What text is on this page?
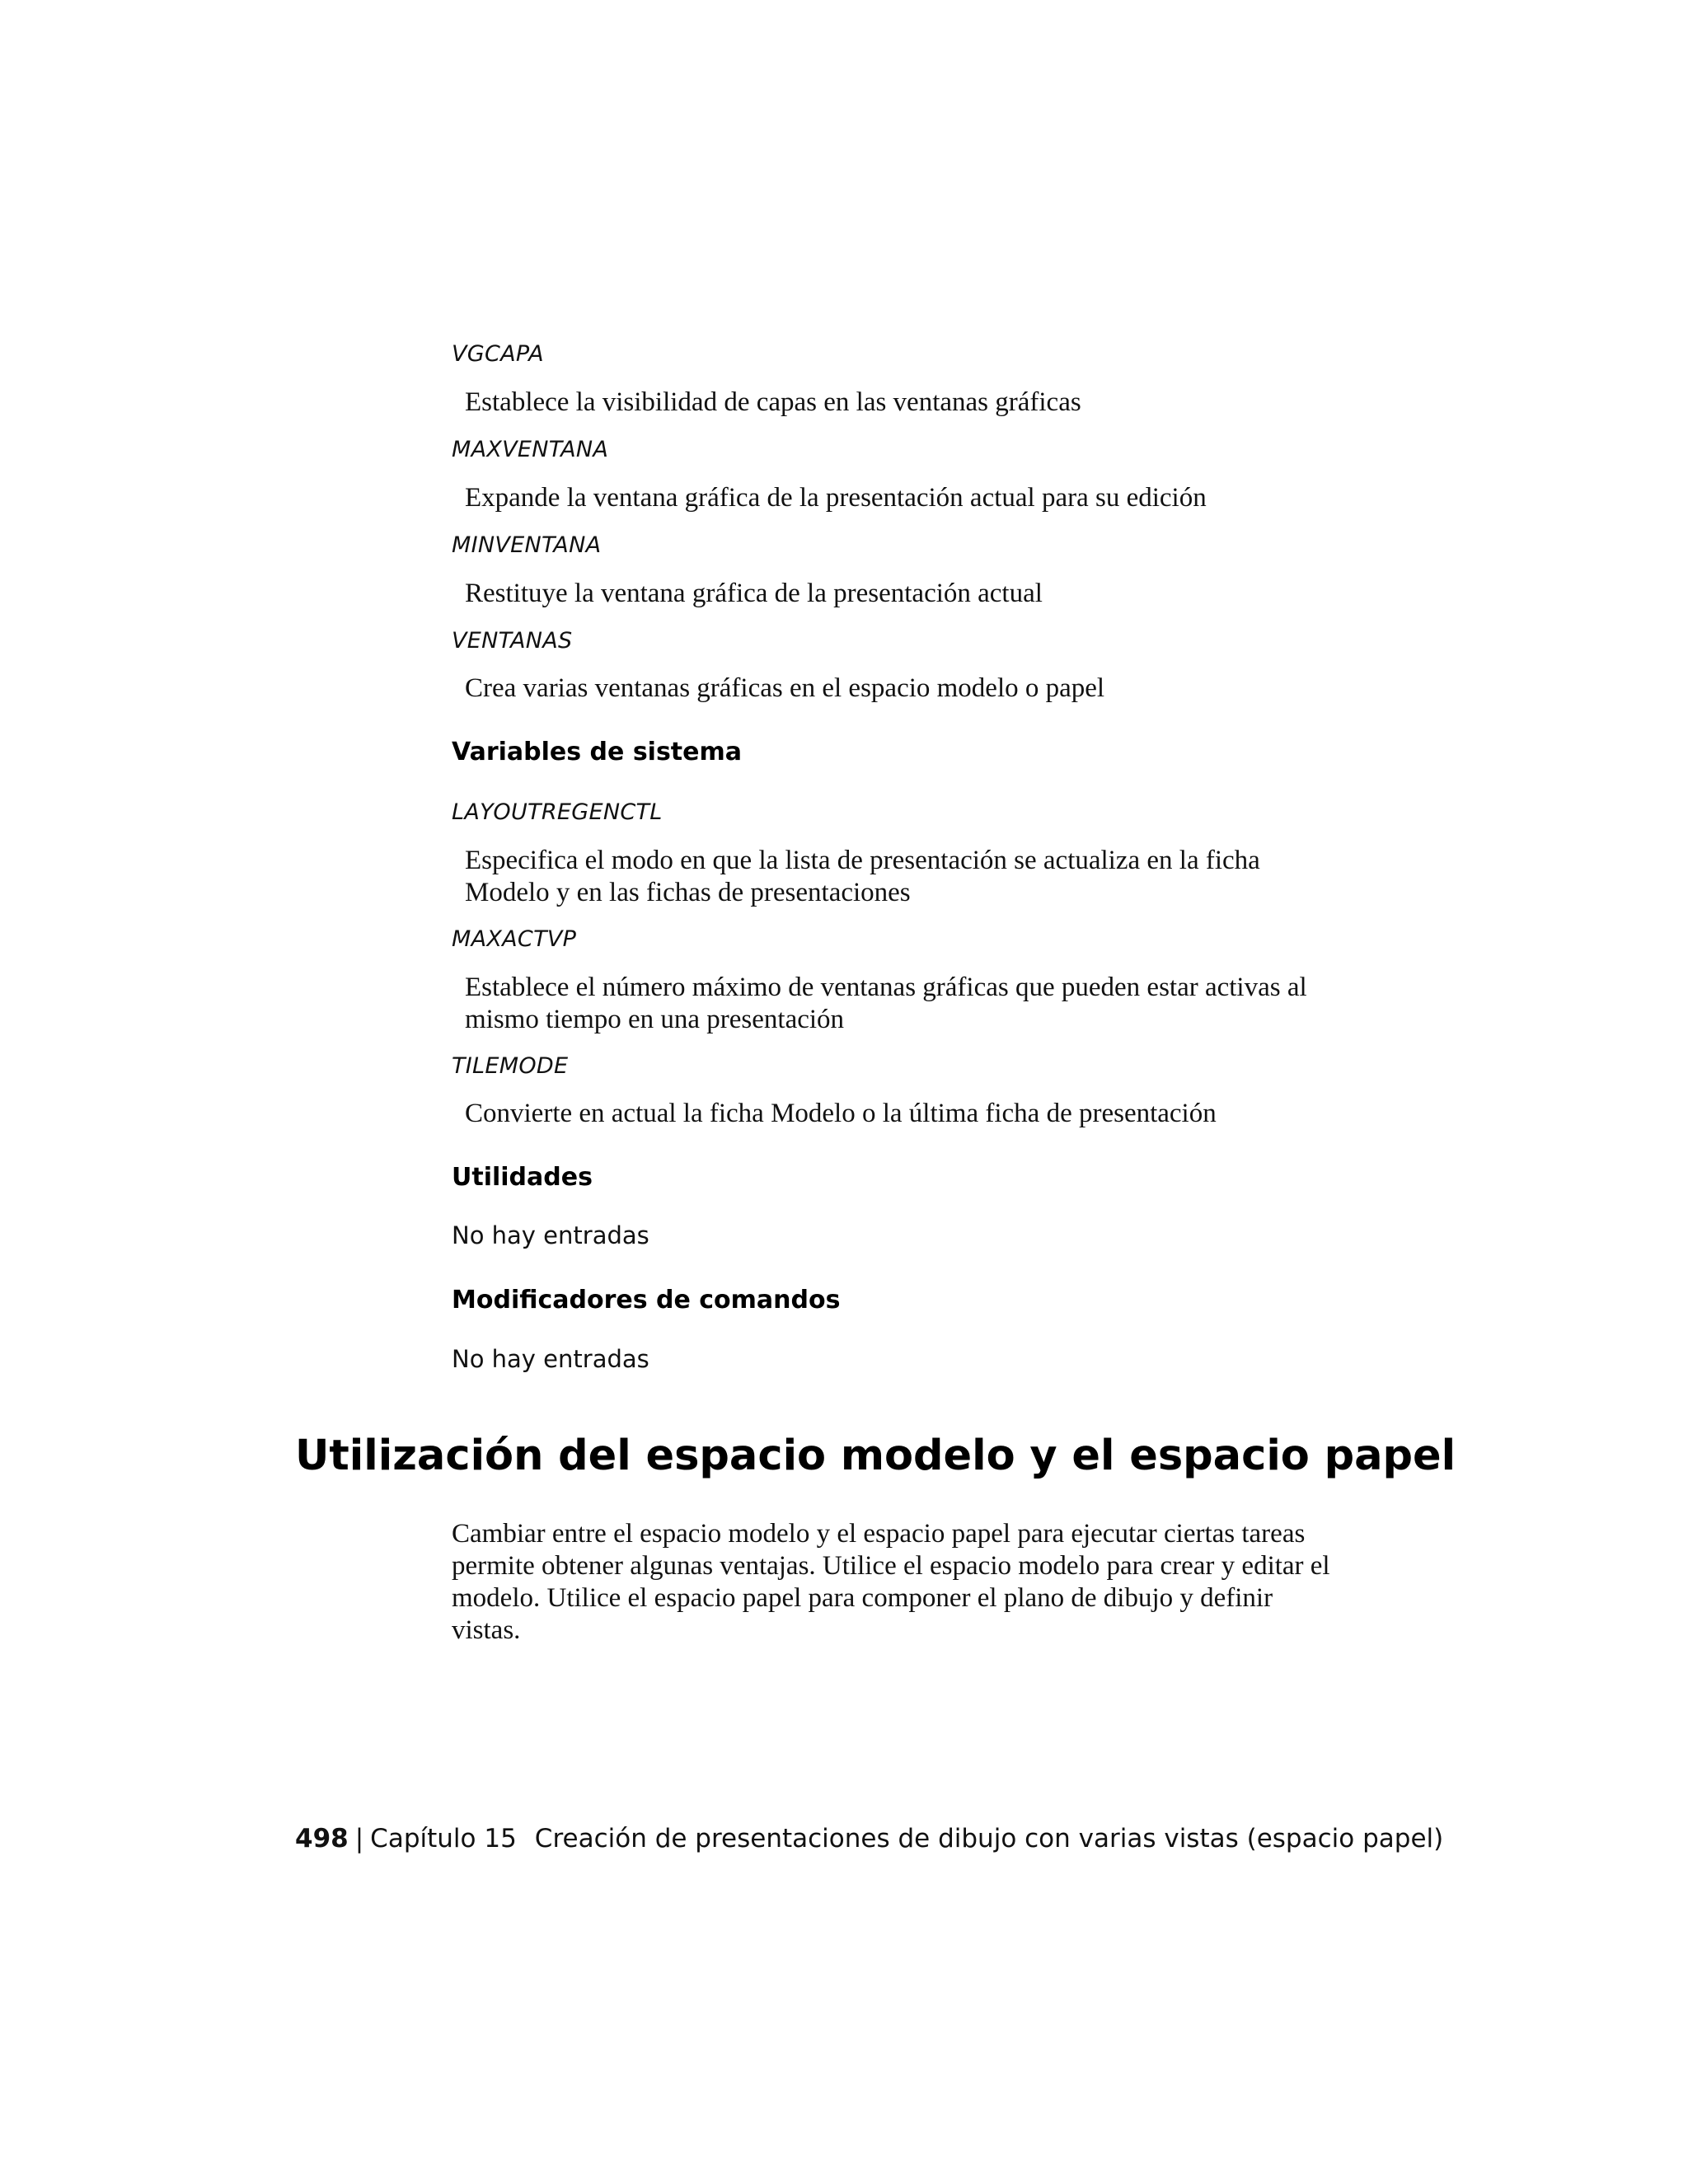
VGCAPA
Establece la visibilidad de capas en las ventanas gráficas
MAXVENTANA
Expande la ventana gráfica de la presentación actual para su edición
MINVENTANA
Restituye la ventana gráfica de la presentación actual
VENTANAS
Crea varias ventanas gráficas en el espacio modelo o papel
Variables de sistema
LAYOUTREGENCTL
Especifica el modo en que la lista de presentación se actualiza en la ficha Modelo y en las fichas de presentaciones
MAXACTVP
Establece el número máximo de ventanas gráficas que pueden estar activas al mismo tiempo en una presentación
TILEMODE
Convierte en actual la ficha Modelo o la última ficha de presentación
Utilidades
No hay entradas
Modificadores de comandos
No hay entradas
Utilización del espacio modelo y el espacio papel
Cambiar entre el espacio modelo y el espacio papel para ejecutar ciertas tareas permite obtener algunas ventajas. Utilice el espacio modelo para crear y editar el modelo. Utilice el espacio papel para componer el plano de dibujo y definir vistas.
498 | Capítulo 15 Creación de presentaciones de dibujo con varias vistas (espacio papel)
